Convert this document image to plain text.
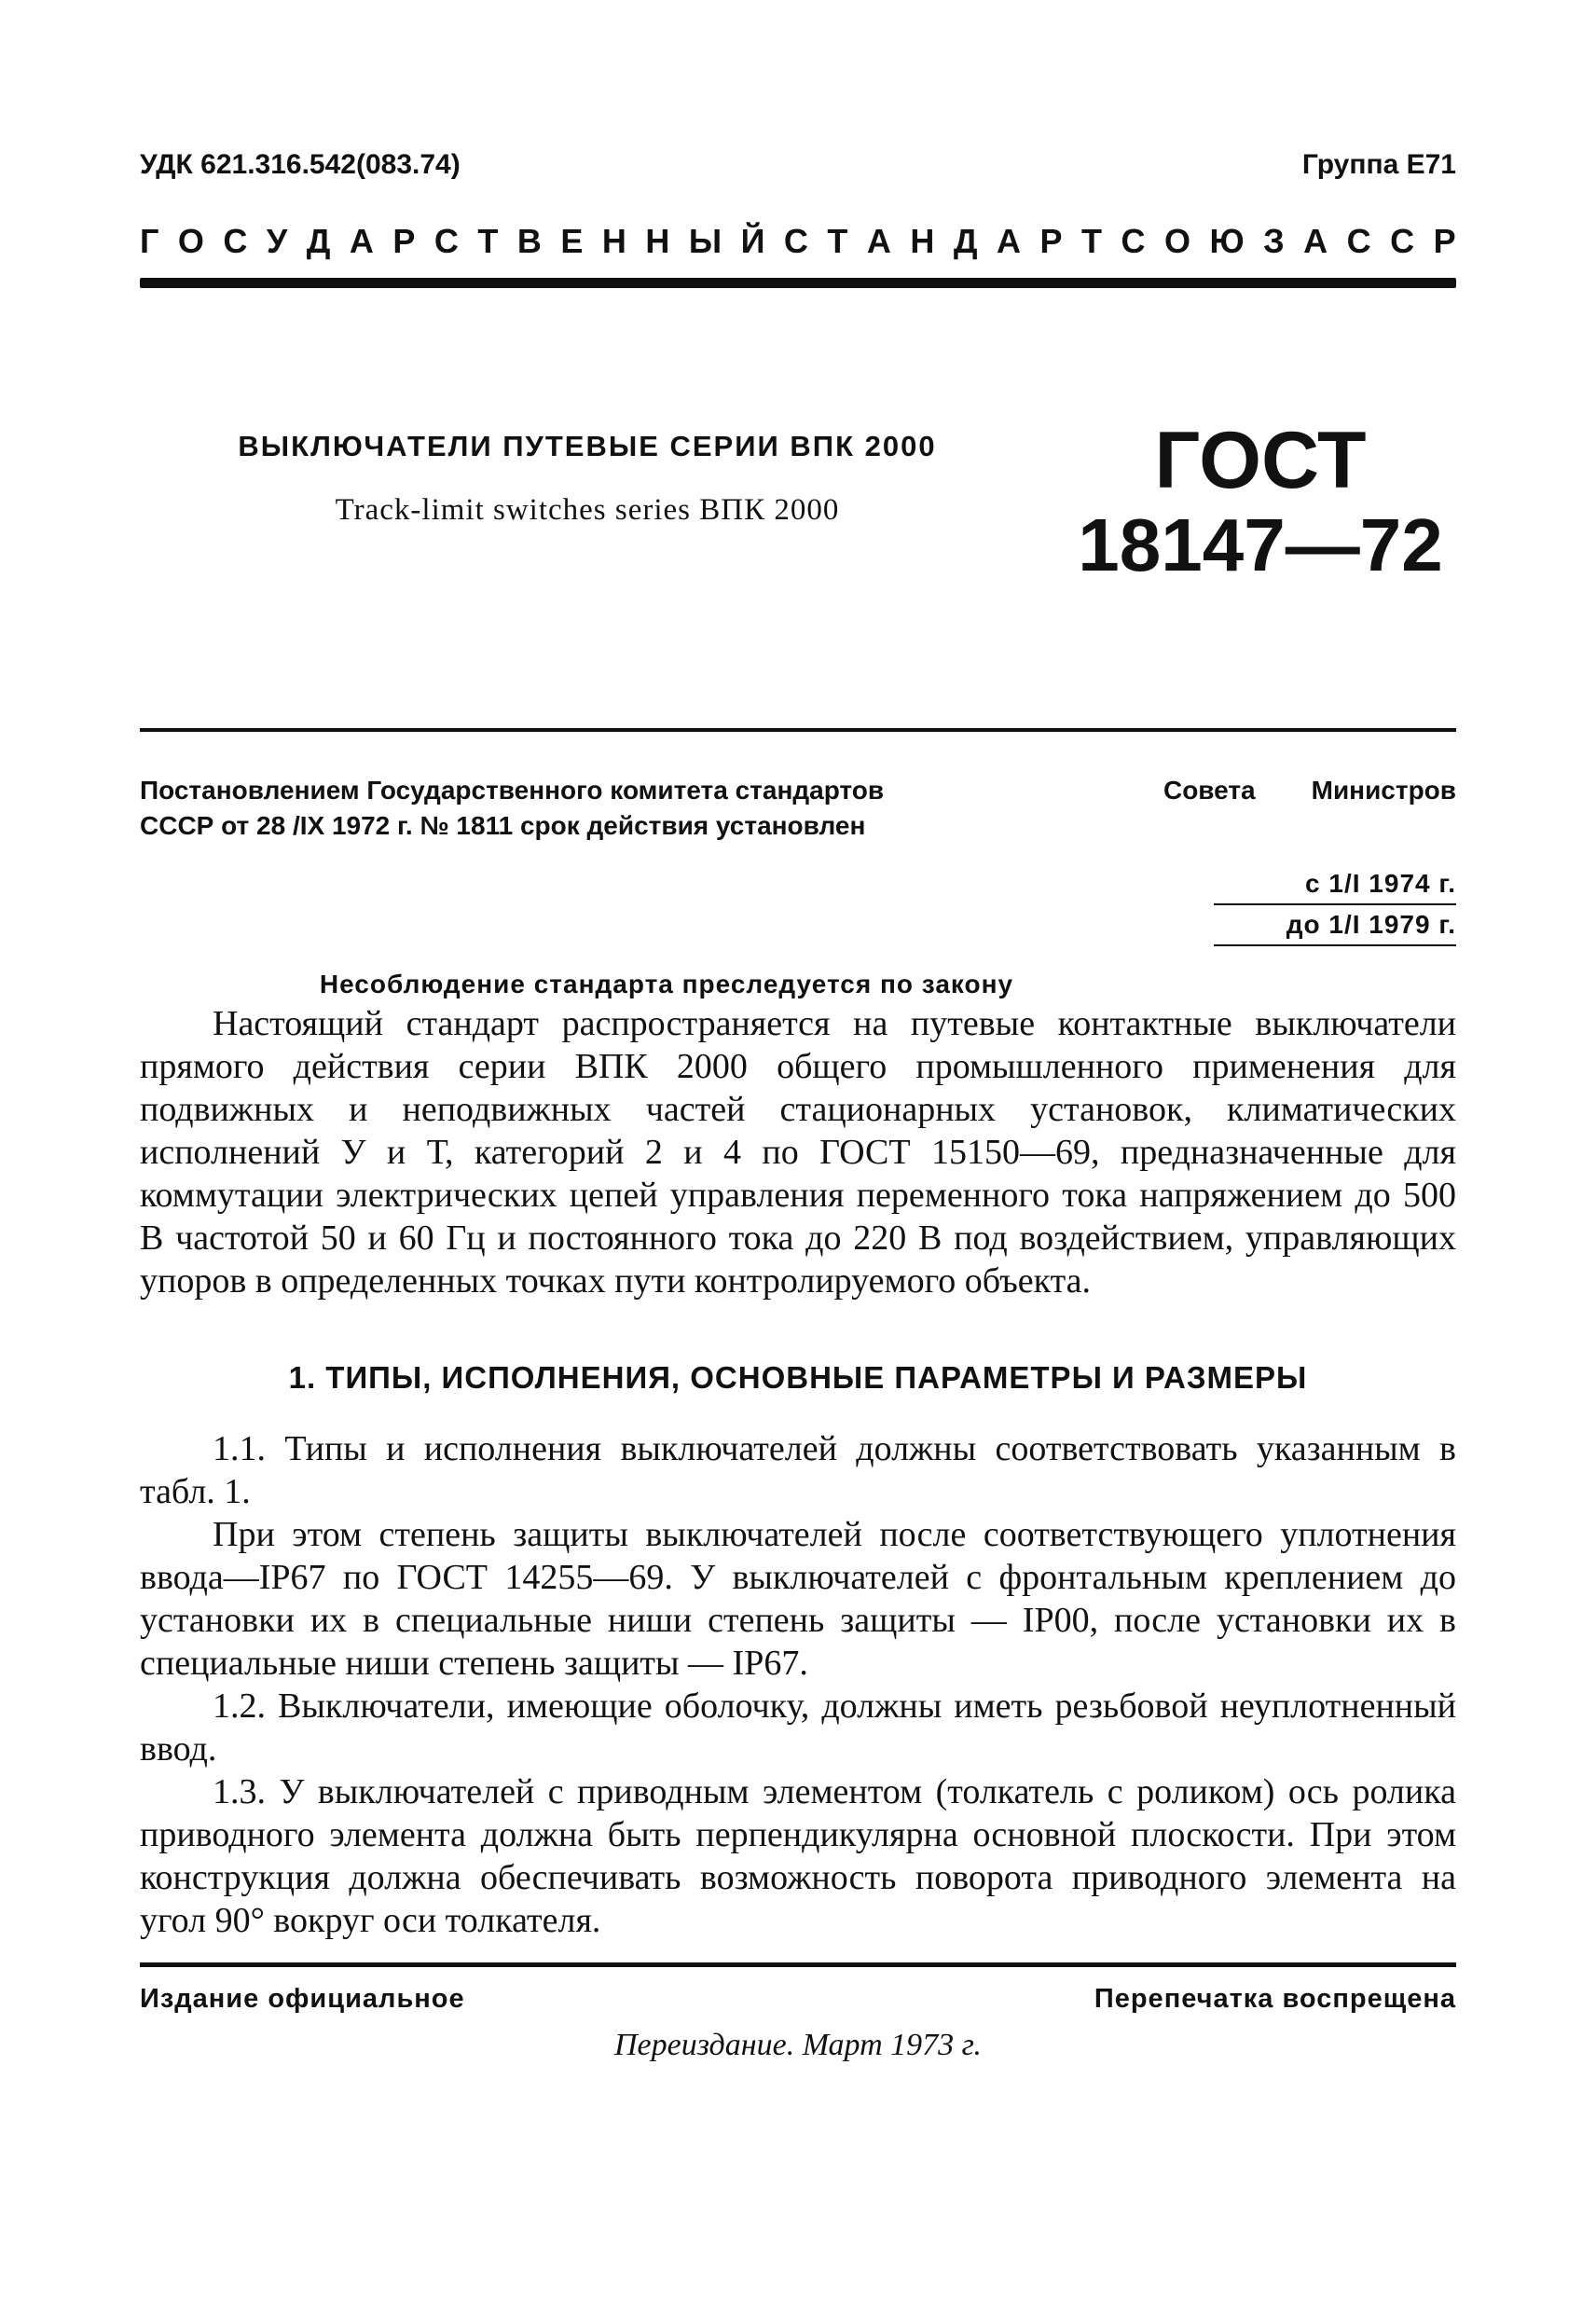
УДК 621.316.542(083.74)	Группа Е71
Г О С У Д А Р С Т В Е Н Н Ы Й С Т А Н Д А Р Т С О Ю З А С С Р
ВЫКЛЮЧАТЕЛИ ПУТЕВЫЕ СЕРИИ ВПК 2000
Track-limit switches series ВПК 2000
ГОСТ
18147—72
Постановлением Государственного комитета стандартов	Совета Министров
СССР от 28 /IX 1972 г. № 1811 срок действия установлен
с 1/I 1974 г.
до 1/I 1979 г.
Несоблюдение стандарта преследуется по закону

Настоящий стандарт распространяется на путевые контактные выключатели прямого действия серии ВПК 2000 общего промышленного применения для подвижных и неподвижных частей стационарных установок, климатических исполнений У и Т, категорий 2 и 4 по ГОСТ 15150—69, предназначенные для коммутации электрических цепей управления переменного тока напряжением до 500 В частотой 50 и 60 Гц и постоянного тока до 220 В под воздействием, управляющих упоров в определенных точках пути контролируемого объекта.

1. ТИПЫ, ИСПОЛНЕНИЯ, ОСНОВНЫЕ ПАРАМЕТРЫ И РАЗМЕРЫ

1.1. Типы и исполнения выключателей должны соответствовать указанным в табл. 1.

При этом степень защиты выключателей после соответствующего уплотнения ввода—IP67 по ГОСТ 14255—69. У выключателей с фронтальным креплением до установки их в специальные ниши степень защиты — IP00, после установки их в специальные ниши степень защиты — IP67.

1.2. Выключатели, имеющие оболочку, должны иметь резьбовой неуплотненный ввод.

1.3. У выключателей с приводным элементом (толкатель с роликом) ось ролика приводного элемента должна быть перпендикулярна основной плоскости. При этом конструкция должна обеспечивать возможность поворота приводного элемента на угол 90° вокруг оси толкателя.

Издание официальное	Перепечатка воспрещена
Переиздание. Март 1973 г.
